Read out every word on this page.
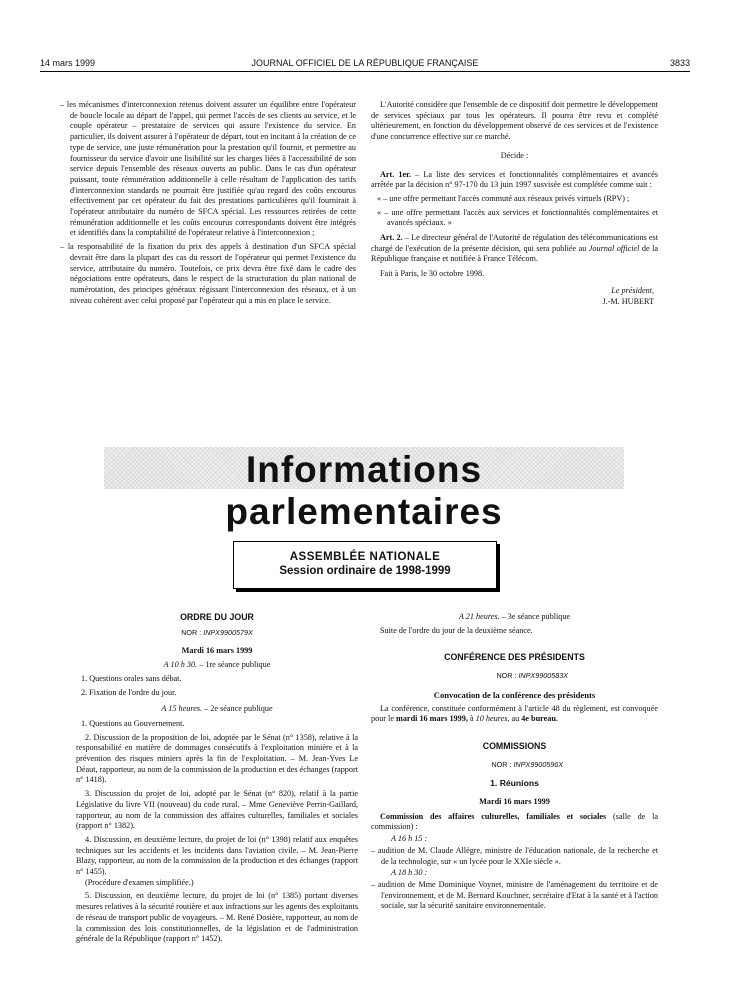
14 mars 1999	JOURNAL OFFICIEL DE LA RÉPUBLIQUE FRANÇAISE	3833

– les mécanismes d'interconnexion retenus doivent assurer un équilibre entre l'opérateur de boucle locale au départ de l'appel, qui permet l'accès de ses clients au service, et le couple opérateur – prestataire de services qui assure l'existence du service. En particulier, ils doivent assurer à l'opérateur de départ, tout en incitant à la création de ce type de service, une juste rémunération pour la prestation qu'il fournit, et permettre au fournisseur du service d'avoir une lisibilité sur les charges liées à l'accessibilité de son service depuis l'ensemble des réseaux ouverts au public. Dans le cas d'un opérateur puissant, toute rémunération additionnelle à celle résultant de l'application des tarifs d'interconnexion standards ne pourrait être justifiée qu'au regard des coûts encourus effectivement par cet opérateur du fait des prestations particulières qu'il fournirait à l'opérateur attributaire du numéro de SFCA spécial. Les ressources retirées de cette rémunération additionnelle et les coûts encourus correspondants doivent être intégrés et identifiés dans la comptabilité de l'opérateur relative à l'interconnexion ;

– la responsabilité de la fixation du prix des appels à destination d'un SFCA spécial devrait être dans la plupart des cas du ressort de l'opérateur qui permet l'existence du service, attributaire du numéro. Toutefois, ce prix devra être fixé dans le cadre des négociations entre opérateurs, dans le respect de la structuration du plan national de numérotation, des principes généraux régissant l'interconnexion des réseaux, et à un niveau cohérent avec celui proposé par l'opérateur qui a mis en place le service.

L'Autorité considère que l'ensemble de ce dispositif doit permettre le développement de services spéciaux par tous les opérateurs. Il pourra être revu et complété ultérieurement, en fonction du développement observé de ces services et de l'existence d'une concurrence effective sur ce marché.

Décide :

Art. 1er. – La liste des services et fonctionnalités complémentaires et avancés arrêtée par la décision n° 97-170 du 13 juin 1997 susvisée est complétée comme suit :

« – une offre permettant l'accès commuté aux réseaux privés virtuels (RPV) ;

« – une offre permettant l'accès aux services et fonctionnalités complémentaires et avancés spéciaux. »

Art. 2. – Le directeur général de l'Autorité de régulation des télécommunications est chargé de l'exécution de la présente décision, qui sera publiée au Journal officiel de la République française et notifiée à France Télécom.

Fait à Paris, le 30 octobre 1998.

Le président,

J.-M. HUBERT

Informations parlementaires
ASSEMBLÉE NATIONALE
Session ordinaire de 1998-1999
ORDRE DU JOUR
NOR : INPX9900579X

Mardi 16 mars 1999

A 10 h 30. – 1re séance publique

1. Questions orales sans débat.

2. Fixation de l'ordre du jour.

A 15 heures. – 2e séance publique

1. Questions au Gouvernement.

2. Discussion de la proposition de loi, adoptée par le Sénat (n° 1358), relative à la responsabilité en matière de dommages consécutifs à l'exploitation minière et à la prévention des risques miniers après la fin de l'exploitation. – M. Jean-Yves Le Déaut, rapporteur, au nom de la commission de la production et des échanges (rapport n° 1418).

3. Discussion du projet de loi, adopté par le Sénat (n° 820), relatif à la partie Législative du livre VII (nouveau) du code rural. – Mme Geneviève Perrin-Gaillard, rapporteur, au nom de la commission des affaires culturelles, familiales et sociales (rapport n° 1382).

4. Discussion, en deuxième lecture, du projet de loi (n° 1398) relatif aux enquêtes techniques sur les accidents et les incidents dans l'aviation civile. – M. Jean-Pierre Blazy, rapporteur, au nom de la commission de la production et des échanges (rapport n° 1455).

(Procédure d'examen simplifiée.)

5. Discussion, en deuxième lecture, du projet de loi (n° 1385) portant diverses mesures relatives à la sécurité routière et aux infractions sur les agents des exploitants de réseau de transport public de voyageurs. – M. René Dosière, rapporteur, au nom de la commission des lois constitutionnelles, de la législation et de l'administration générale de la République (rapport n° 1452).

A 21 heures. – 3e séance publique

Suite de l'ordre du jour de la deuxième séance.

CONFÉRENCE DES PRÉSIDENTS
NOR : INPX9900583X

Convocation de la conférence des présidents

La conférence, constituée conformément à l'article 48 du règlement, est convoquée pour le mardi 16 mars 1999, à 10 heures, au 4e bureau.

COMMISSIONS
NOR : INPX9900596X
1. Réunions

Mardi 16 mars 1999

Commission des affaires culturelles, familiales et sociales (salle de la commission) :

A 16 h 15 :

– audition de M. Claude Allègre, ministre de l'éducation nationale, de la recherche et de la technologie, sur « un lycée pour le XXIe siècle ».

A 18 h 30 :

– audition de Mme Dominique Voynet, ministre de l'aménagement du territoire et de l'environnement, et de M. Bernard Kouchner, secrétaire d'Etat à la santé et à l'action sociale, sur la sécurité sanitaire environnementale.
